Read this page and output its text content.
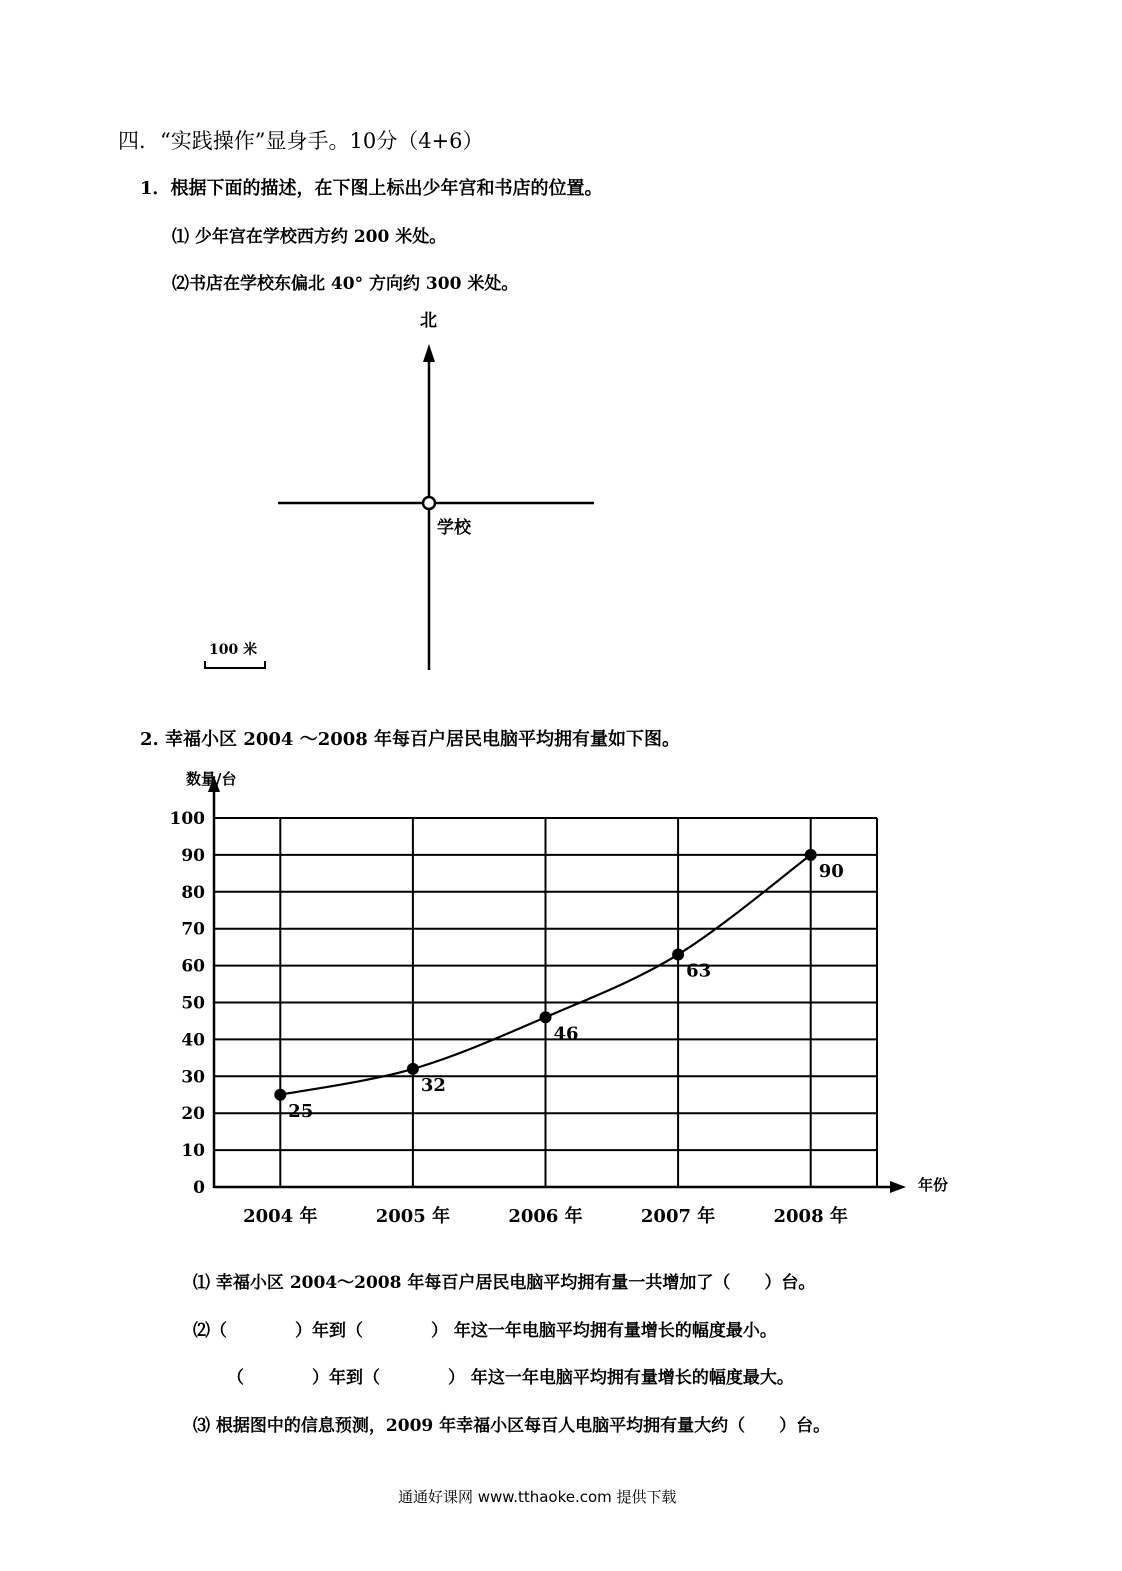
四．“实践操作”显身手。10分（4+6）
1．根据下面的描述，在下图上标出少年宫和书店的位置。
⑴ 少年宫在学校西方约 200 米处。
⑵书店在学校东偏北 40° 方向约 300 米处。
北
学校
100 米
2. 幸福小区 2004 ～2008 年每百户居民电脑平均拥有量如下图。
0
10
20
30
40
50
60
70
80
90
100
2004 年	2005 年	2006 年	2007 年	2008 年
25
32
46
63
90
数量/台
年份
⑴ 幸福小区 2004～2008 年每百户居民电脑平均拥有量一共增加了（　　）台。
⑵（　　　　）年到（　　　　） 年这一年电脑平均拥有量增长的幅度最小。
（　　　　）年到（　　　　） 年这一年电脑平均拥有量增长的幅度最大。
⑶ 根据图中的信息预测，2009 年幸福小区每百人电脑平均拥有量大约（　　）台。
通通好课网 www.tthaoke.com 提供下载
